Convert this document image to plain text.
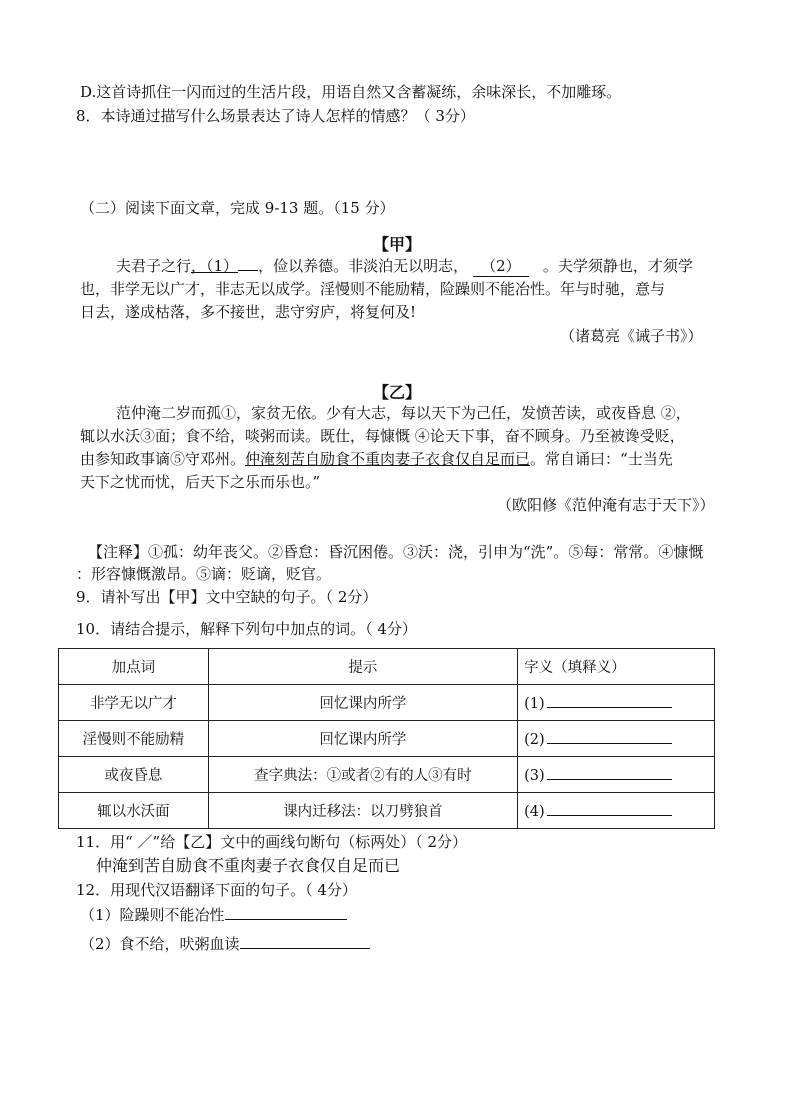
D.这首诗抓住一闪而过的生活片段，用语自然又含蓄凝练，余味深长，不加雕琢。
8．本诗通过描写什么场景表达了诗人怎样的情感？（ 3分）
（二）阅读下面文章，完成 9-13 题。（15 分）
【甲】
夫君子之行，（1） ，俭以养德。非淡泊无以明志， （2） 。夫学须静也，才须学
也，非学无以广才，非志无以成学。淫慢则不能励精，险躁则不能冶性。年与时驰，意与
日去，遂成枯落，多不接世，悲守穷庐，将复何及!
（诸葛亮《诫子书》）
【乙】
范仲淹二岁而孤①，家贫无依。少有大志，每以天下为己任，发愤苦读，或夜昏息 ②，
辄以水沃③面；食不给，啖粥而读。既仕，每慷慨 ④论天下事，奋不顾身。乃至被谗受贬，
由参知政事谪⑤守邓州。仲淹刻苦自励食不重肉妻子衣食仅自足而已。常自诵曰：“士当先
天下之忧而忧，后天下之乐而乐也。”
（欧阳修《范仲淹有志于天下》）
【注释】①孤：幼年丧父。②昏怠：昏沉困倦。③沃：浇，引申为“洗”。⑤每：常常。④慷慨
：形容慷慨激昂。⑤谪：贬谪，贬官。
9．请补写出【甲】文中空缺的句子。（ 2分）
10．请结合提示，解释下列句中加点的词。（ 4分）
加点词	提示	字义（填释义）
非学无以广才	回忆课内所学	(1)
淫慢则不能励精	回忆课内所学	(2)
或夜昏息	查字典法：①或者②有的人③有时	(3)
辄以水沃面	课内迁移法：以刀劈狼首	(4)
11．用“ ／”给【乙】文中的画线句断句（标两处）（ 2分）
仲淹到苦自励食不重肉妻子衣食仅自足而已
12．用现代汉语翻译下面的句子。（ 4分）
（1）险躁则不能冶性
（2）食不给，吠粥血读
